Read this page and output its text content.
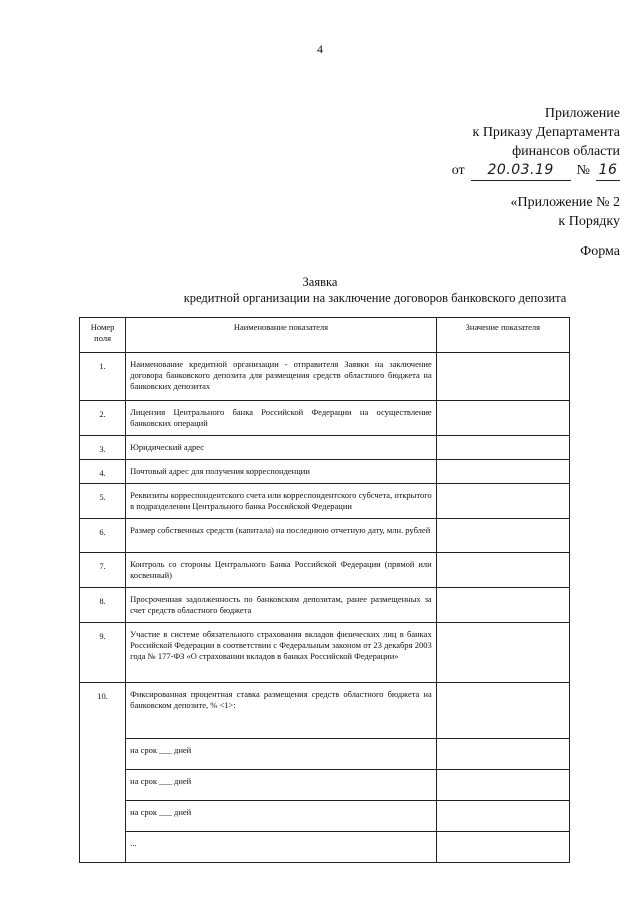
4
Приложение
к Приказу Департамента
финансов области
от	20.03.19	№ 16
«Приложение № 2
к Порядку
Форма
Заявка
кредитной организации на заключение договоров банковского депозита
Номер поля	Наименование показателя	Значение показателя
1.	Наименование кредитной организации - отправителя Заявки на заключение договора банковского депозита для размещения средств областного бюджета на банковских депозитах	
2.	Лицензия Центрального банка Российской Федерации на осуществление банковских операций	
3.	Юридический адрес	
4.	Почтовый адрес для получения корреспонденции	
5.	Реквизиты корреспондентского счета или корреспондентского субсчета, открытого в подразделении Центрального банка Российской Федерации	
6.	Размер собственных средств (капитала) на последнюю отчетную дату, млн. рублей	
7.	Контроль со стороны Центрального Банка Российской Федерации (прямой или косвенный)	
8.	Просроченная задолженность по банковским депозитам, ранее размещенных за счет средств областного бюджета	
9.	Участие в системе обязательного страхования вкладов физических лиц в банках Российской Федерации в соответствии с Федеральным законом от 23 декабря 2003 года № 177-ФЗ «О страховании вкладов в банках Российской Федерации»	
10.	Фиксированная процентная ставка размещения средств областного бюджета на банковском депозите, % <1>:	
	на срок ___ дней	
	на срок ___ дней	
	на срок ___ дней	
	...	
